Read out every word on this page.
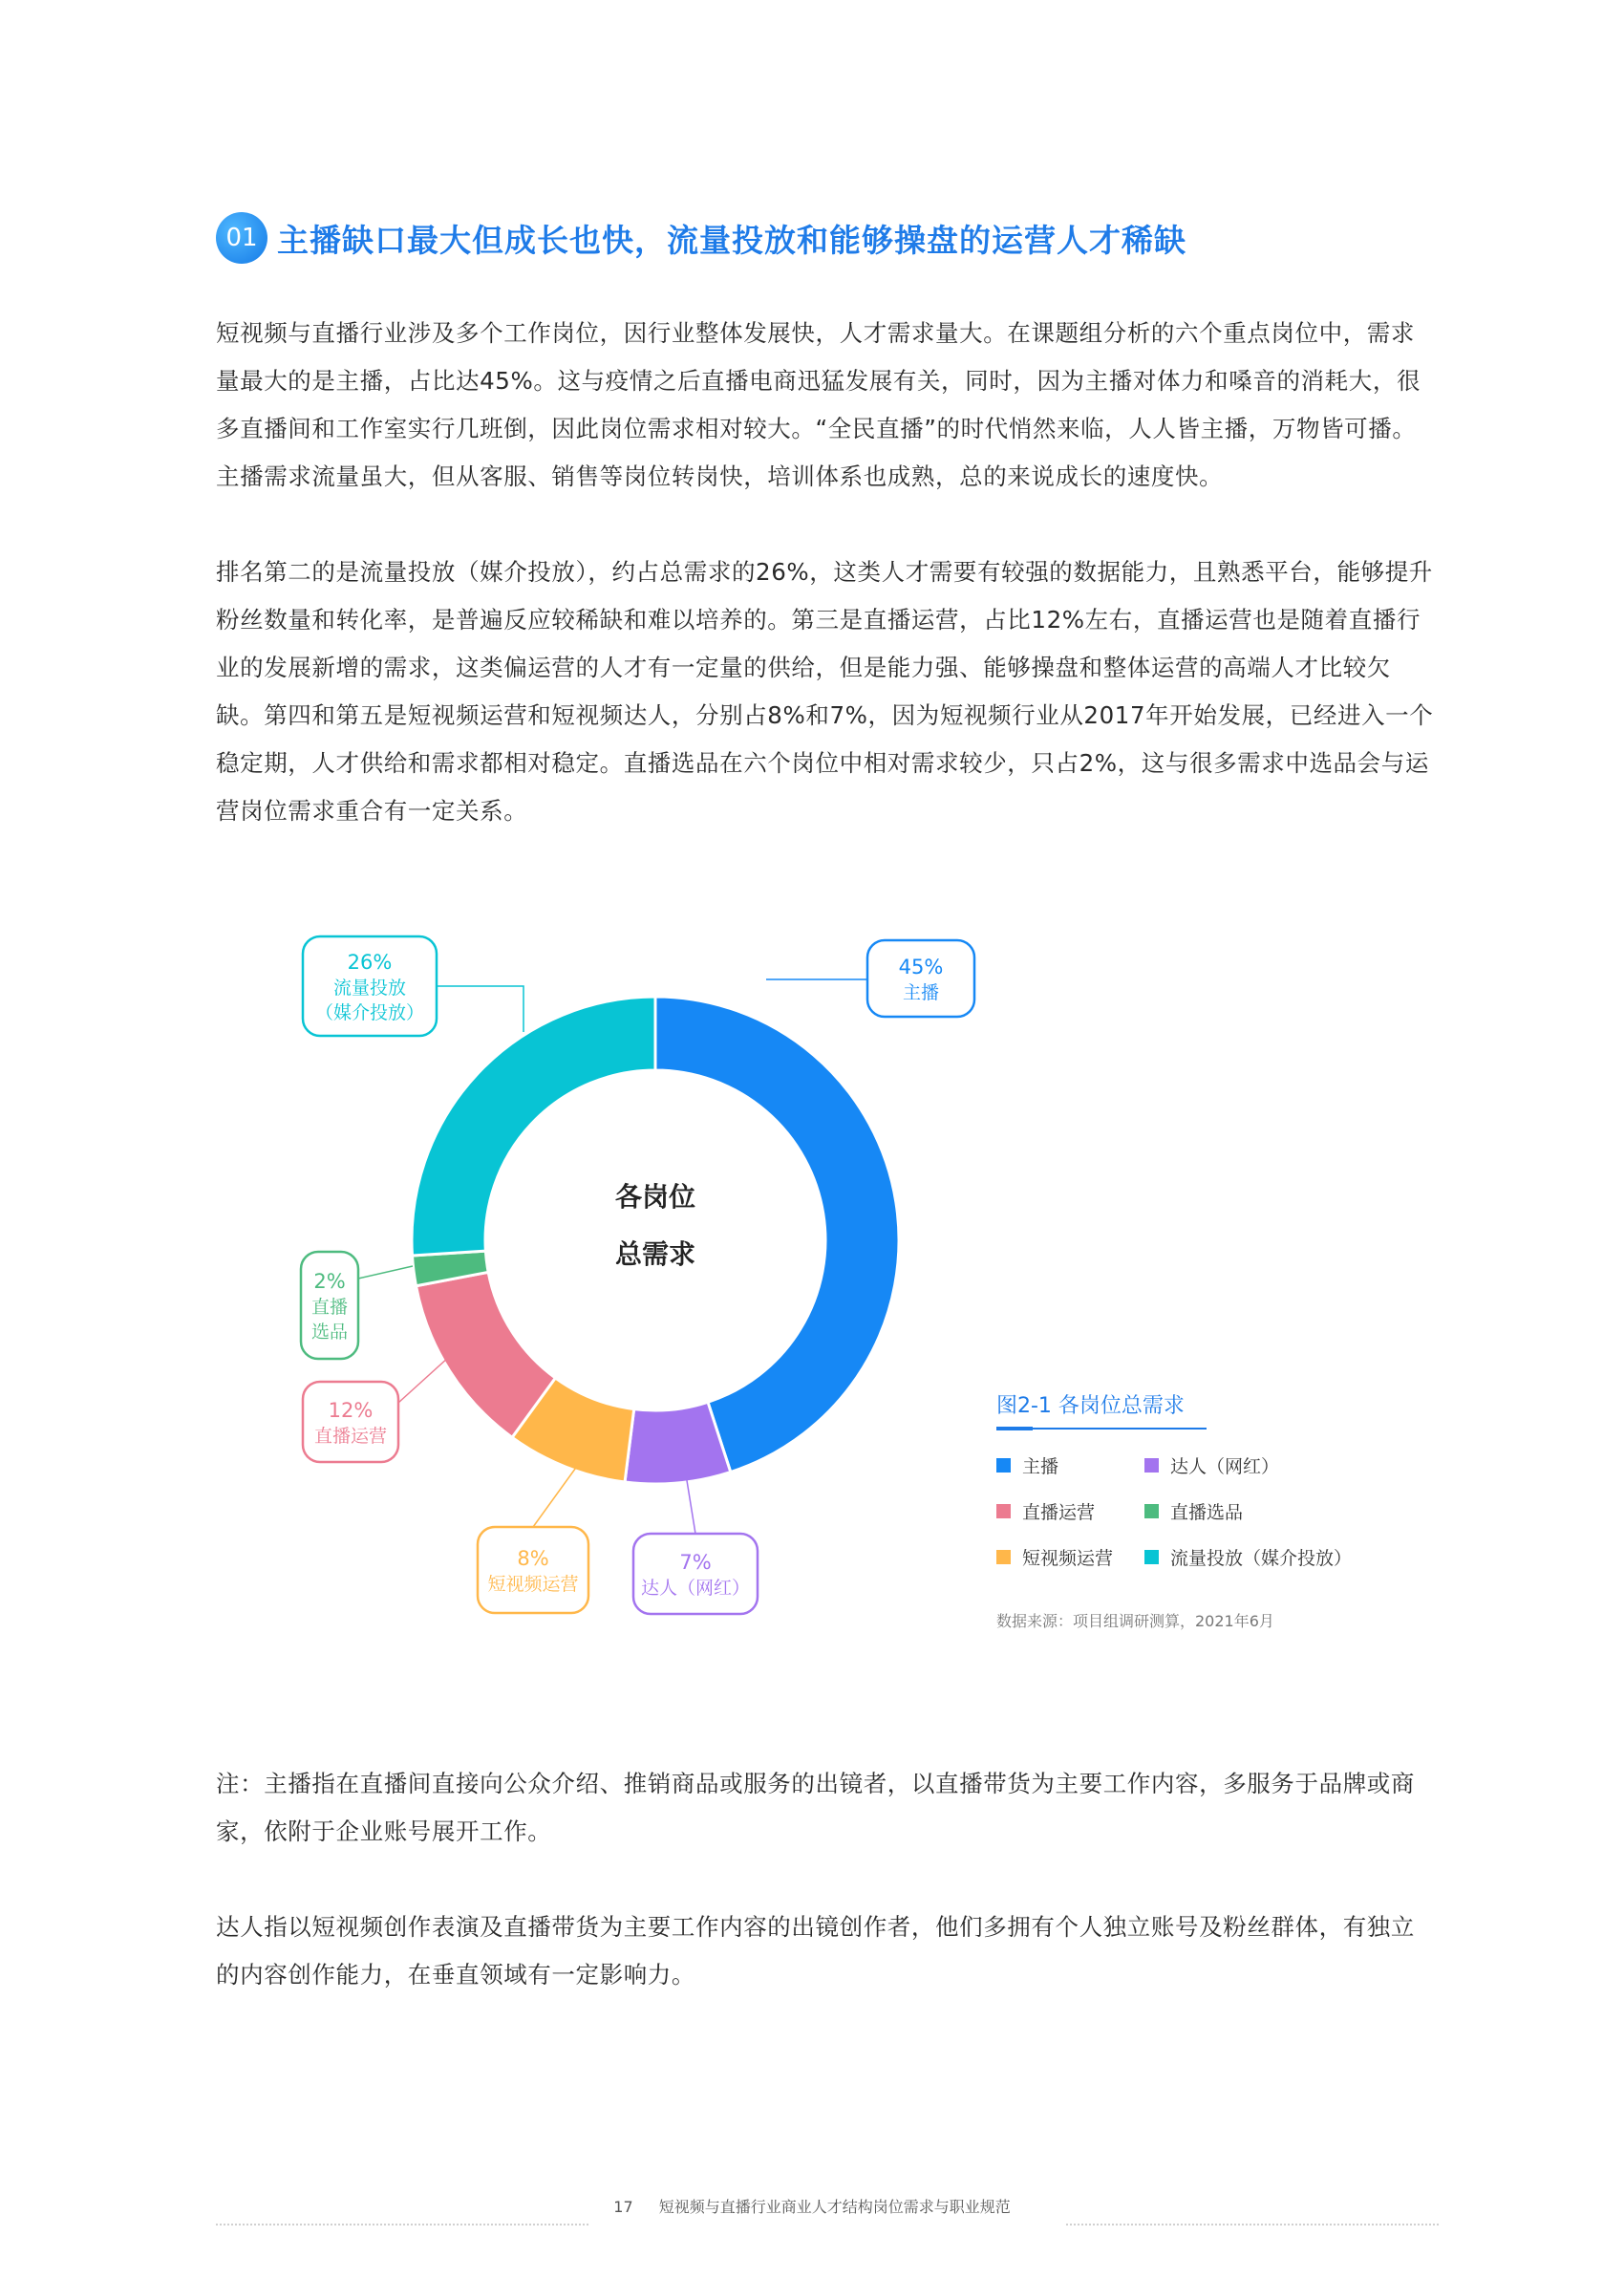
01 主播缺口最大但成长也快，流量投放和能够操盘的运营人才稀缺

短视频与直播行业涉及多个工作岗位，因行业整体发展快，人才需求量大。在课题组分析的六个重点岗位中，需求量最大的是主播，占比达45%。这与疫情之后直播电商迅猛发展有关，同时，因为主播对体力和嗓音的消耗大，很多直播间和工作室实行几班倒，因此岗位需求相对较大。“全民直播”的时代悄然来临，人人皆主播，万物皆可播。主播需求流量虽大，但从客服、销售等岗位转岗快，培训体系也成熟，总的来说成长的速度快。

排名第二的是流量投放（媒介投放），约占总需求的26%，这类人才需要有较强的数据能力，且熟悉平台，能够提升粉丝数量和转化率，是普遍反应较稀缺和难以培养的。第三是直播运营，占比12%左右，直播运营也是随着直播行业的发展新增的需求，这类偏运营的人才有一定量的供给，但是能力强、能够操盘和整体运营的高端人才比较欠缺。第四和第五是短视频运营和短视频达人，分别占8%和7%，因为短视频行业从2017年开始发展，已经进入一个稳定期，人才供给和需求都相对稳定。直播选品在六个岗位中相对需求较少，只占2%，这与很多需求中选品会与运营岗位需求重合有一定关系。

45%
主播
7%
达人（网红）
8%
短视频运营
12%
直播运营
2%
直播
选品
26%
流量投放
（媒介投放）
各岗位
总需求
图2-1 各岗位总需求
主播	达人（网红）
直播运营	直播选品
短视频运营	流量投放（媒介投放）
数据来源：项目组调研测算，2021年6月

注：主播指在直播间直接向公众介绍、推销商品或服务的出镜者，以直播带货为主要工作内容，多服务于品牌或商家，依附于企业账号展开工作。

达人指以短视频创作表演及直播带货为主要工作内容的出镜创作者，他们多拥有个人独立账号及粉丝群体，有独立的内容创作能力，在垂直领域有一定影响力。

17 短视频与直播行业商业人才结构岗位需求与职业规范
